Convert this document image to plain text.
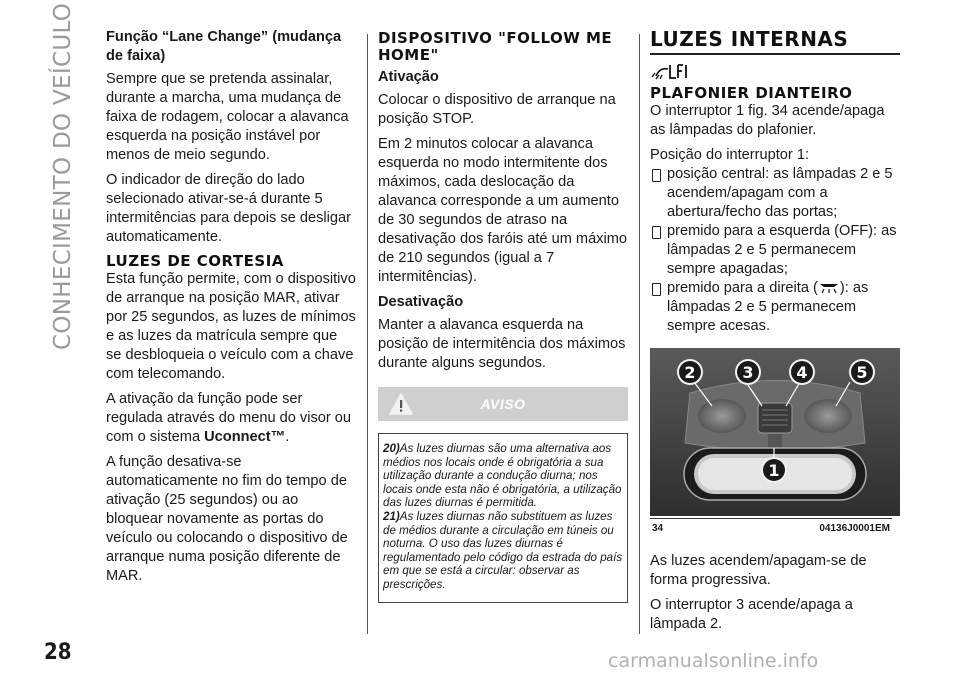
CONHECIMENTO DO VEÍCULO Função “Lane Change” (mudança de faixa)

Sempre que se pretenda assinalar, durante a marcha, uma mudança de faixa de rodagem, colocar a alavanca esquerda na posição instável por menos de meio segundo.

O indicador de direção do lado selecionado ativar-se-á durante 5 intermitências para depois se desligar automaticamente.

LUZES DE CORTESIA

Esta função permite, com o dispositivo de arranque na posição MAR, ativar por 25 segundos, as luzes de mínimos e as luzes da matrícula sempre que se desbloqueia o veículo com a chave com telecomando.

A ativação da função pode ser regulada através do menu do visor ou com o sistema Uconnect™.

A função desativa-se automaticamente no fim do tempo de ativação (25 segundos) ou ao bloquear novamente as portas do veículo ou colocando o dispositivo de arranque numa posição diferente de MAR.

DISPOSITIVO "FOLLOW ME HOME"
Ativação

Colocar o dispositivo de arranque na posição STOP.

Em 2 minutos colocar a alavanca esquerda no modo intermitente dos máximos, cada deslocação da alavanca corresponde a um aumento de 30 segundos de atraso na desativação dos faróis até um máximo de 210 segundos (igual a 7 intermitências).

Desativação

Manter a alavanca esquerda na posição de intermitência dos máximos durante alguns segundos.

AVISO

20)As luzes diurnas são uma alternativa aos médios nos locais onde é obrigatória a sua utilização durante a condução diurna; nos locais onde esta não é obrigatória, a utilização das luzes diurnas é permitida.

21)As luzes diurnas não substituem as luzes de médios durante a circulação em túneis ou noturna. O uso das luzes diurnas é regulamentado pelo código da estrada do país em que se está a circular: observar as prescrições.

LUZES INTERNAS
PLAFONIER DIANTEIRO

O interruptor 1 fig. 34 acende/apaga as lâmpadas do plafonier.

Posição do interruptor 1:

posição central: as lâmpadas 2 e 5 acendem/apagam com a abertura/fecho das portas;

premido para a esquerda (OFF): as lâmpadas 2 e 5 permanecem sempre apagadas;

premido para a direita ( ): as lâmpadas 2 e 5 permanecem sempre acesas.

2	3	4	5
1
34	04136J0001EM

As luzes acendem/apagam-se de forma progressiva.

O interruptor 3 acende/apaga a lâmpada 2.

28	carmanualsonline.info
